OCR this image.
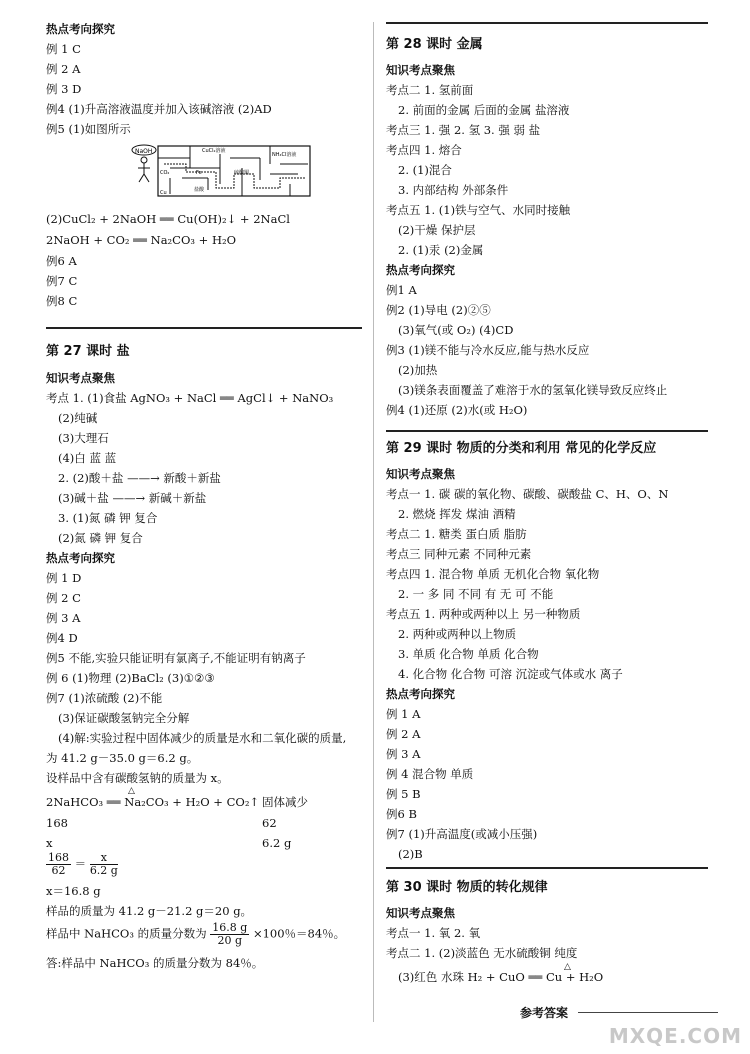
热点考向探究
例 1 C
例 2 A
例 3 D
例4 (1)升高溶液温度并加入该碱溶液 (2)AD
例5 (1)如图所示
NaOH
CO₂
CuCl₂溶液
NH₄Cl溶液
Fe	硫酸铜
盐酸
Cu
(2)CuCl₂ + 2NaOH ══ Cu(OH)₂↓ + 2NaCl
2NaOH + CO₂ ══ Na₂CO₃ + H₂O
例6 A
例7 C
例8 C
第 27 课时 盐
知识考点聚焦
考点 1. (1)食盐 AgNO₃ + NaCl ══ AgCl↓ + NaNO₃
(2)纯碱
(3)大理石
(4)白 蓝 蓝
2. (2)酸＋盐 ——→ 新酸＋新盐
(3)碱＋盐 ——→ 新碱＋新盐
3. (1)氮 磷 钾 复合
(2)氮 磷 钾 复合
热点考向探究
例 1 D
例 2 C
例 3 A
例4 D
例5 不能,实验只能证明有氯离子,不能证明有钠离子
例 6 (1)物理 (2)BaCl₂ (3)①②③
例7 (1)浓硫酸 (2)不能
(3)保证碳酸氢钠完全分解
(4)解:实验过程中固体减少的质量是水和二氧化碳的质量,
为 41.2 g－35.0 g＝6.2 g。
设样品中含有碳酸氢钠的质量为 x。
△
2NaHCO₃ ══ Na₂CO₃ + H₂O + CO₂↑ 固体减少
168	62
x	6.2 g
$\frac{168}{62} = \frac{x}{6.2 g}$
x＝16.8 g
样品的质量为 41.2 g－21.2 g＝20 g。
样品中 NaHCO₃ 的质量分数为 $\frac{16.8 g}{20 g} \times 100$％＝84％。
答:样品中 NaHCO₃ 的质量分数为 84％。
第 28 课时 金属
知识考点聚焦
考点二 1. 氢前面
2. 前面的金属 后面的金属 盐溶液
考点三 1. 强 2. 氢 3. 强 弱 盐
考点四 1. 熔合
2. (1)混合
3. 内部结构 外部条件
考点五 1. (1)铁与空气、水同时接触
(2)干燥 保护层
2. (1)汞 (2)金属
热点考向探究
例1 A
例2 (1)导电 (2)②⑤
(3)氧气(或 O₂) (4)CD
例3 (1)镁不能与冷水反应,能与热水反应
(2)加热
(3)镁条表面覆盖了难溶于水的氢氧化镁导致反应终止
例4 (1)还原 (2)水(或 H₂O)
第 29 课时 物质的分类和利用 常见的化学反应
知识考点聚焦
考点一 1. 碳 碳的氧化物、碳酸、碳酸盐 C、H、O、N
2. 燃烧 挥发 煤油 酒精
考点二 1. 糖类 蛋白质 脂肪
考点三 同种元素 不同种元素
考点四 1. 混合物 单质 无机化合物 氧化物
2. 一 多 同 不同 有 无 可 不能
考点五 1. 两种或两种以上 另一种物质
2. 两种或两种以上物质
3. 单质 化合物 单质 化合物
4. 化合物 化合物 可溶 沉淀或气体或水 离子
热点考向探究
例 1 A
例 2 A
例 3 A
例 4 混合物 单质
例 5 B
例6 B
例7 (1)升高温度(或减小压强)
(2)B
第 30 课时 物质的转化规律
知识考点聚焦
考点一 1. 氧 2. 氧
考点二 1. (2)淡蓝色 无水硫酸铜 纯度
△
(3)红色 水珠 H₂ + CuO ══ Cu + H₂O
参考答案
MXQE.COM
